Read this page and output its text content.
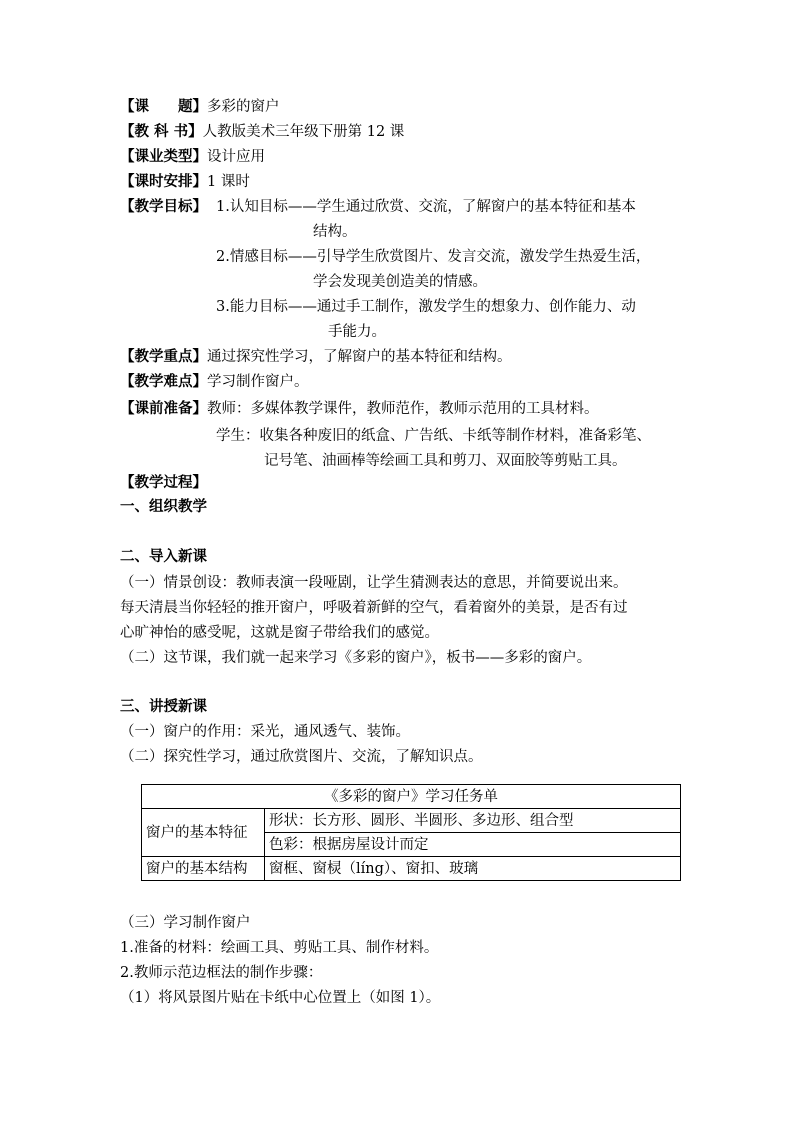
【课　　题】多彩的窗户
【教 科 书】人教版美术三年级下册第 12 课
【课业类型】设计应用
【课时安排】1 课时
【教学目标】 1.认知目标——学生通过欣赏、交流，了解窗户的基本特征和基本
结构。
2.情感目标——引导学生欣赏图片、发言交流，激发学生热爱生活，
学会发现美创造美的情感。
3.能力目标——通过手工制作，激发学生的想象力、创作能力、动
手能力。
【教学重点】通过探究性学习，了解窗户的基本特征和结构。
【教学难点】学习制作窗户。
【课前准备】教师：多媒体教学课件，教师范作，教师示范用的工具材料。
学生：收集各种废旧的纸盒、广告纸、卡纸等制作材料，准备彩笔、
记号笔、油画棒等绘画工具和剪刀、双面胶等剪贴工具。
【教学过程】
一、组织教学
二、导入新课
（一）情景创设：教师表演一段哑剧，让学生猜测表达的意思，并简要说出来。
每天清晨当你轻轻的推开窗户，呼吸着新鲜的空气，看着窗外的美景，是否有过
心旷神怡的感受呢，这就是窗子带给我们的感觉。
（二）这节课，我们就一起来学习《多彩的窗户》，板书——多彩的窗户。
三、讲授新课
（一）窗户的作用：采光，通风透气、装饰。
（二）探究性学习，通过欣赏图片、交流，了解知识点。
《多彩的窗户》学习任务单	
窗户的基本特征	形状：长方形、圆形、半圆形、多边形、组合型
	色彩：根据房屋设计而定
窗户的基本结构	窗框、窗棂（líng）、窗扣、玻璃
（三）学习制作窗户
1.准备的材料：绘画工具、剪贴工具、制作材料。
2.教师示范边框法的制作步骤：
（1）将风景图片贴在卡纸中心位置上（如图 1）。
